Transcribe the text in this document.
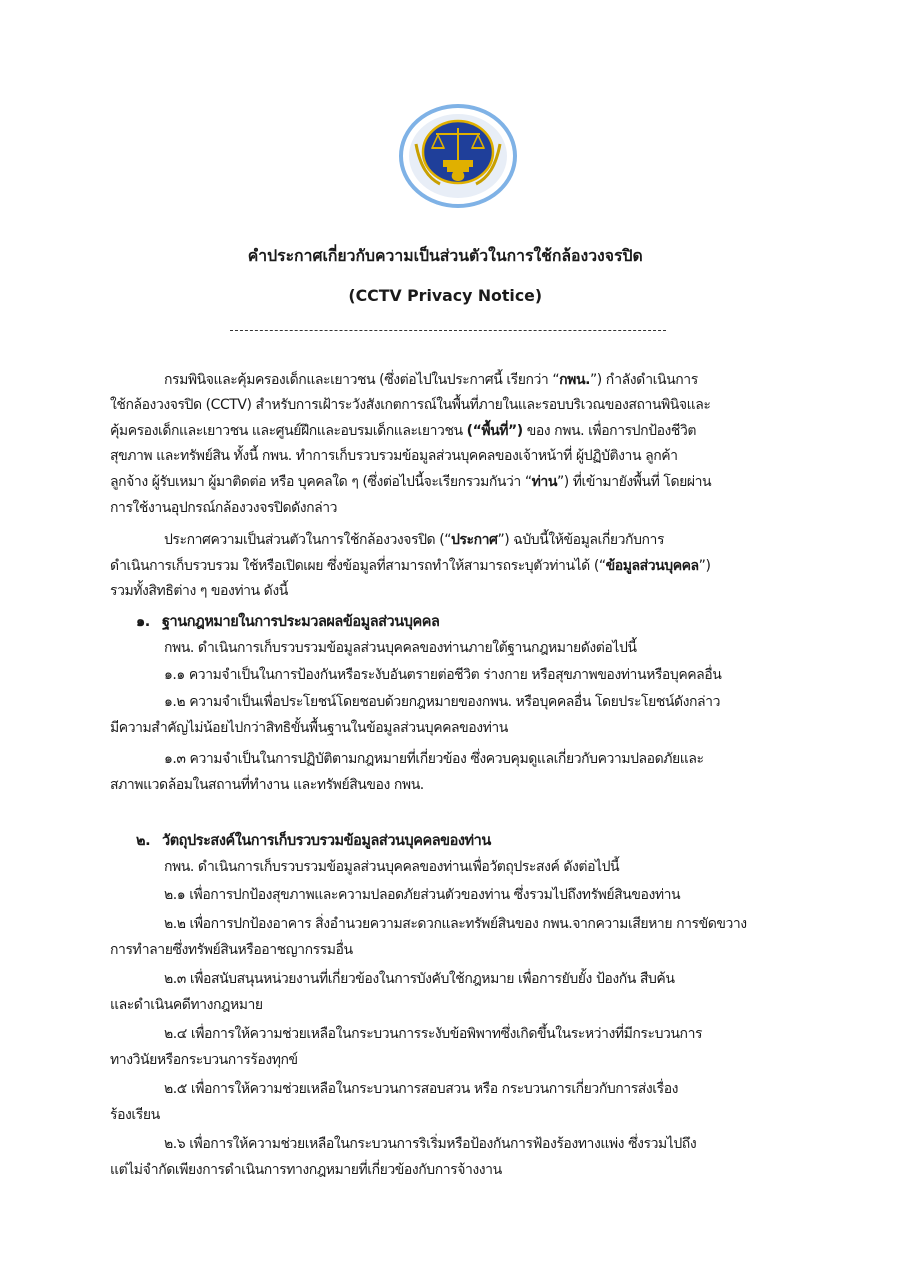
คำประกาศเกี่ยวกับความเป็นส่วนตัวในการใช้กล้องวงจรปิด
(CCTV Privacy Notice)
กรมพินิจและคุ้มครองเด็กและเยาวชน (ซึ่งต่อไปในประกาศนี้ เรียกว่า “กพน.”) กำลังดำเนินการ
ใช้กล้องวงจรปิด (CCTV) สำหรับการเฝ้าระวังสังเกตการณ์ในพื้นที่ภายในและรอบบริเวณของสถานพินิจและ
คุ้มครองเด็กและเยาวชน และศูนย์ฝึกและอบรมเด็กและเยาวชน (“พื้นที่”) ของ กพน. เพื่อการปกป้องชีวิต
สุขภาพ และทรัพย์สิน ทั้งนี้ กพน. ทำการเก็บรวบรวมข้อมูลส่วนบุคคลของเจ้าหน้าที่ ผู้ปฏิบัติงาน ลูกค้า
ลูกจ้าง ผู้รับเหมา ผู้มาติดต่อ หรือ บุคคลใด ๆ (ซึ่งต่อไปนี้จะเรียกรวมกันว่า “ท่าน”) ที่เข้ามายังพื้นที่ โดยผ่าน
การใช้งานอุปกรณ์กล้องวงจรปิดดังกล่าว
ประกาศความเป็นส่วนตัวในการใช้กล้องวงจรปิด (“ประกาศ”) ฉบับนี้ให้ข้อมูลเกี่ยวกับการ
ดำเนินการเก็บรวบรวม ใช้หรือเปิดเผย ซึ่งข้อมูลที่สามารถทำให้สามารถระบุตัวท่านได้ (“ข้อมูลส่วนบุคคล”)
รวมทั้งสิทธิต่าง ๆ ของท่าน ดังนี้
๑. ฐานกฎหมายในการประมวลผลข้อมูลส่วนบุคคล
กพน. ดำเนินการเก็บรวบรวมข้อมูลส่วนบุคคลของท่านภายใต้ฐานกฎหมายดังต่อไปนี้
๑.๑ ความจำเป็นในการป้องกันหรือระงับอันตรายต่อชีวิต ร่างกาย หรือสุขภาพของท่านหรือบุคคลอื่น
๑.๒ ความจำเป็นเพื่อประโยชน์โดยชอบด้วยกฎหมายของกพน. หรือบุคคลอื่น โดยประโยชน์ดังกล่าว
มีความสำคัญไม่น้อยไปกว่าสิทธิขั้นพื้นฐานในข้อมูลส่วนบุคคลของท่าน
๑.๓ ความจำเป็นในการปฏิบัติตามกฎหมายที่เกี่ยวข้อง ซึ่งควบคุมดูแลเกี่ยวกับความปลอดภัยและ
สภาพแวดล้อมในสถานที่ทำงาน และทรัพย์สินของ กพน.
๒. วัตถุประสงค์ในการเก็บรวบรวมข้อมูลส่วนบุคคลของท่าน
กพน. ดำเนินการเก็บรวบรวมข้อมูลส่วนบุคคลของท่านเพื่อวัตถุประสงค์ ดังต่อไปนี้
๒.๑ เพื่อการปกป้องสุขภาพและความปลอดภัยส่วนตัวของท่าน ซึ่งรวมไปถึงทรัพย์สินของท่าน
๒.๒ เพื่อการปกป้องอาคาร สิ่งอำนวยความสะดวกและทรัพย์สินของ กพน.จากความเสียหาย การขัดขวาง
การทำลายซึ่งทรัพย์สินหรืออาชญากรรมอื่น
๒.๓ เพื่อสนับสนุนหน่วยงานที่เกี่ยวข้องในการบังคับใช้กฎหมาย เพื่อการยับยั้ง ป้องกัน สืบค้น
และดำเนินคดีทางกฎหมาย
๒.๔ เพื่อการให้ความช่วยเหลือในกระบวนการระงับข้อพิพาทซึ่งเกิดขึ้นในระหว่างที่มีกระบวนการ
ทางวินัยหรือกระบวนการร้องทุกข์
๒.๕ เพื่อการให้ความช่วยเหลือในกระบวนการสอบสวน หรือ กระบวนการเกี่ยวกับการส่งเรื่อง
ร้องเรียน
๒.๖ เพื่อการให้ความช่วยเหลือในกระบวนการริเริ่มหรือป้องกันการฟ้องร้องทางแพ่ง ซึ่งรวมไปถึง
แต่ไม่จำกัดเพียงการดำเนินการทางกฎหมายที่เกี่ยวข้องกับการจ้างงาน
